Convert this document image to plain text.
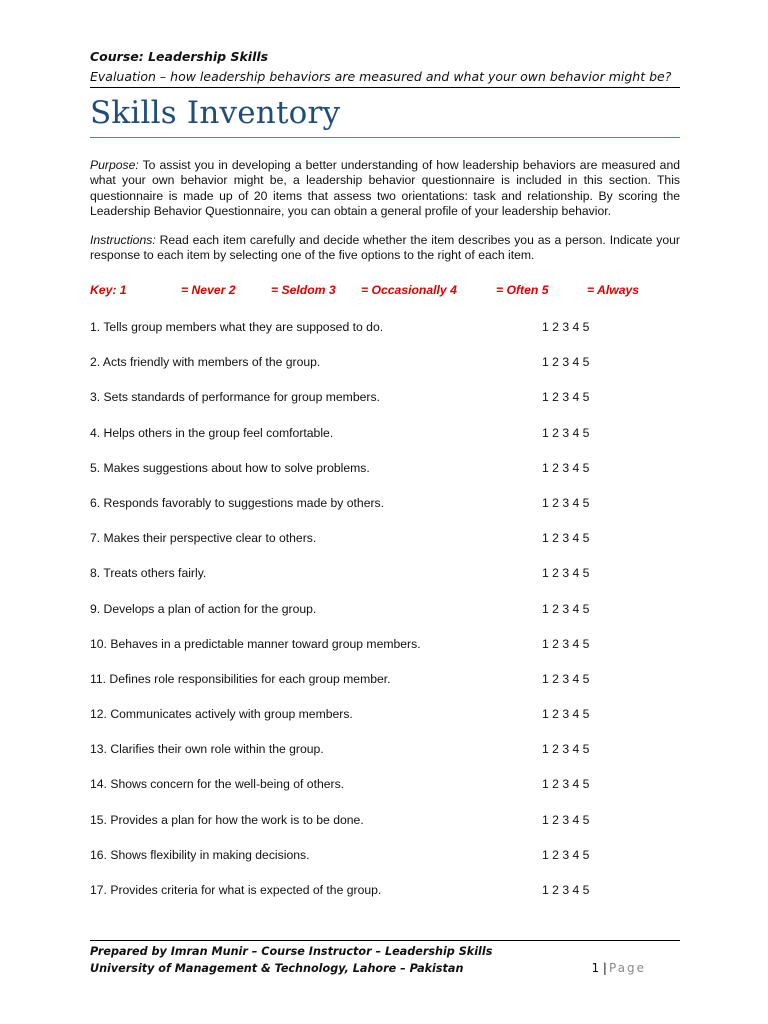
Course: Leadership Skills
Evaluation – how leadership behaviors are measured and what your own behavior might be?
Skills Inventory
Purpose: To assist you in developing a better understanding of how leadership behaviors are measured and what your own behavior might be, a leadership behavior questionnaire is included in this section. This questionnaire is made up of 20 items that assess two orientations: task and relationship. By scoring the Leadership Behavior Questionnaire, you can obtain a general profile of your leadership behavior.
Instructions: Read each item carefully and decide whether the item describes you as a person. Indicate your response to each item by selecting one of the five options to the right of each item.
Key: 1	= Never 2	= Seldom 3 = Occasionally 4	= Often 5	= Always
1. Tells group members what they are supposed to do.	1 2 3 4 5
2. Acts friendly with members of the group.	1 2 3 4 5
3. Sets standards of performance for group members.	1 2 3 4 5
4. Helps others in the group feel comfortable.	1 2 3 4 5
5. Makes suggestions about how to solve problems.	1 2 3 4 5
6. Responds favorably to suggestions made by others.	1 2 3 4 5
7. Makes their perspective clear to others.	1 2 3 4 5
8. Treats others fairly.	1 2 3 4 5
9. Develops a plan of action for the group.	1 2 3 4 5
10. Behaves in a predictable manner toward group members.	1 2 3 4 5
11. Defines role responsibilities for each group member.	1 2 3 4 5
12. Communicates actively with group members.	1 2 3 4 5
13. Clarifies their own role within the group.	1 2 3 4 5
14. Shows concern for the well-being of others.	1 2 3 4 5
15. Provides a plan for how the work is to be done.	1 2 3 4 5
16. Shows flexibility in making decisions.	1 2 3 4 5
17. Provides criteria for what is expected of the group.	1 2 3 4 5
Prepared by Imran Munir – Course Instructor – Leadership Skills
University of Management & Technology, Lahore – Pakistan	1 | Page
